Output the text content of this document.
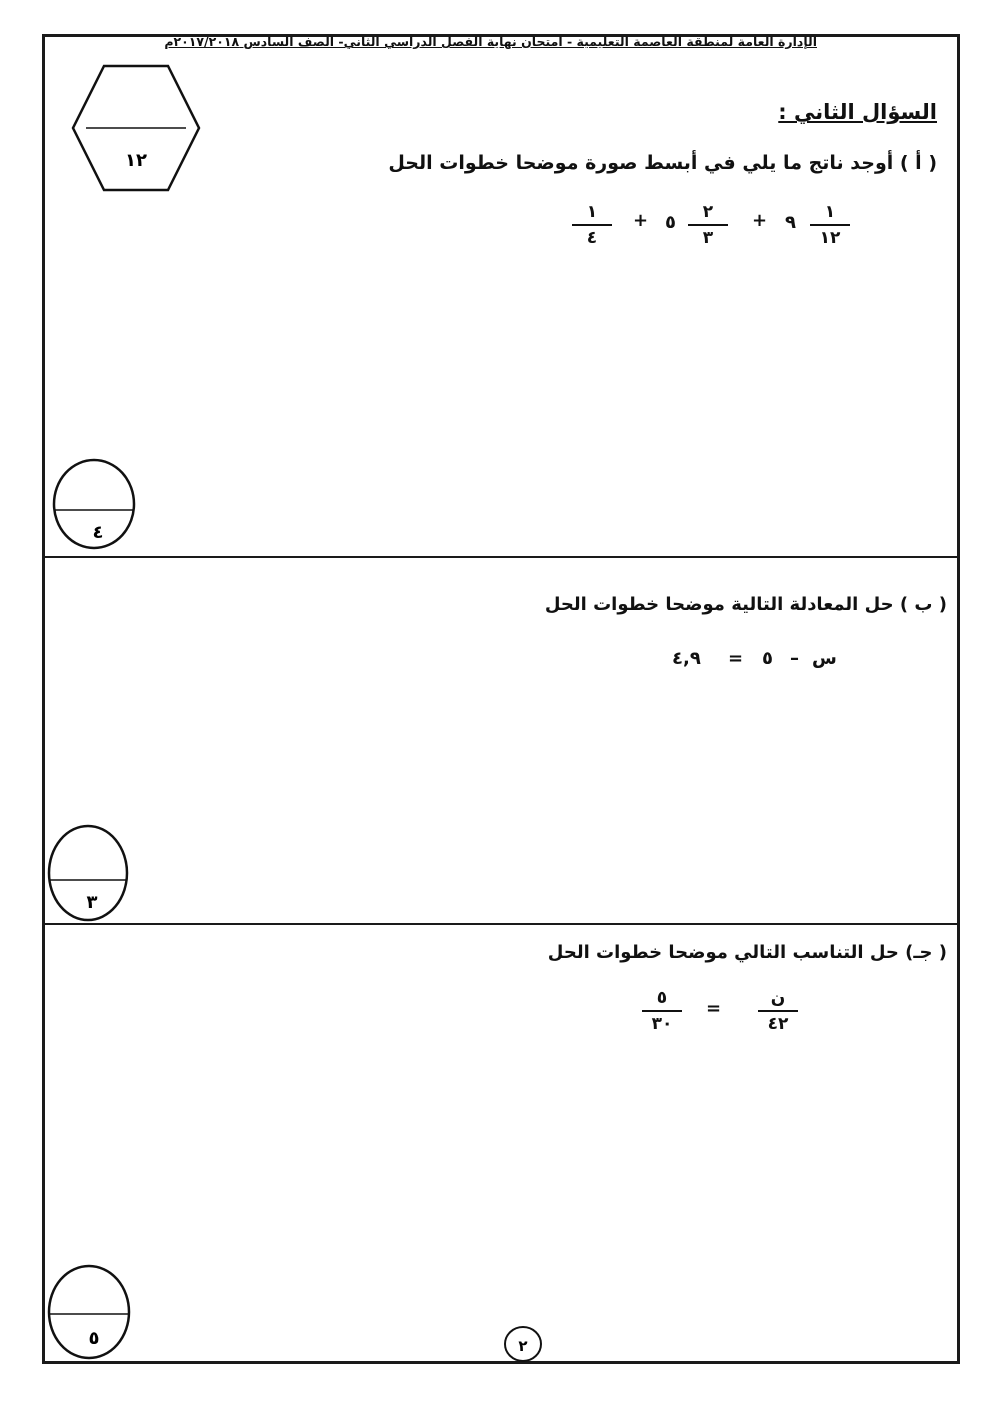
الإدارة العامة لمنطقة العاصمة التعليمية - امتحان نهاية الفصل الدراسي الثاني- الصف السادس ٢٠١٧/٢٠١٨م
١٢
السؤال الثاني :
( أ ) أوجد ناتج ما يلي في أبسط صورة موضحا خطوات الحل
١
١٢
٩
+
٢
٣
٥
+
١
٤
٤
( ب ) حل المعادلة التالية موضحا خطوات الحل
س
–
٥
=
٤,٩
٣
( جـ) حل التناسب التالي موضحا خطوات الحل
ن
٤٢
=
٥
٣٠
٥	٢
